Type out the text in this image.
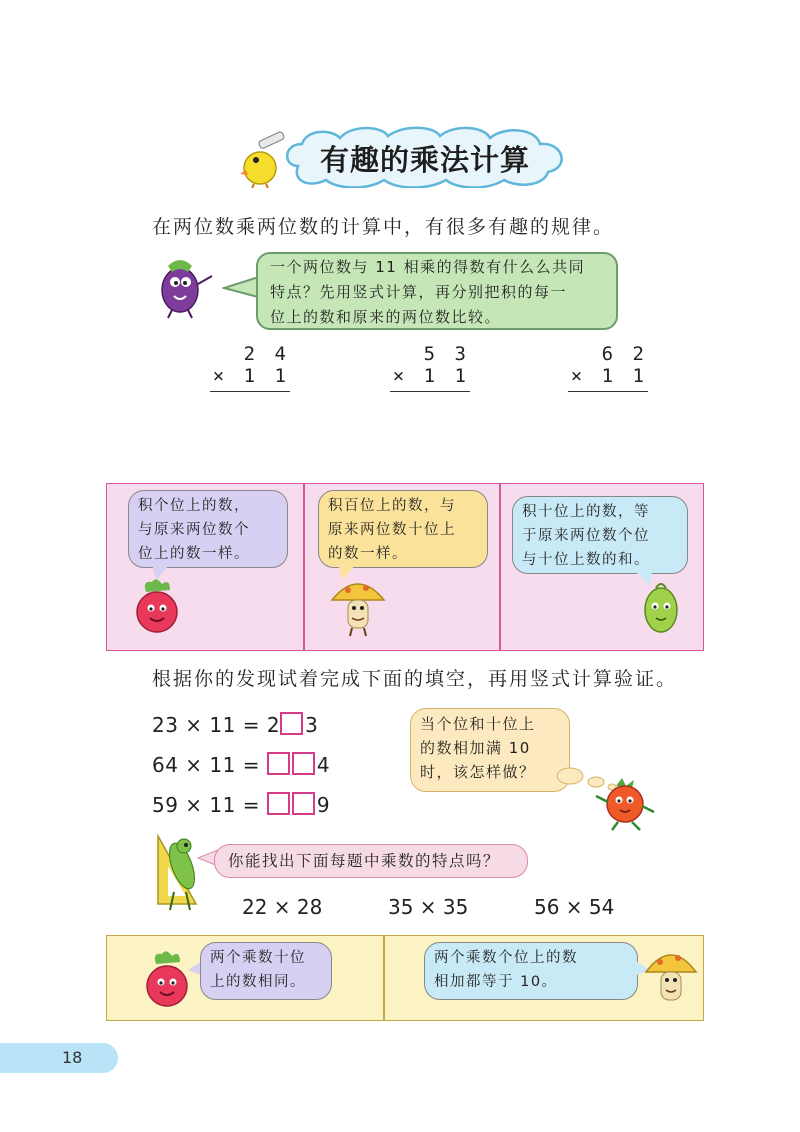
有趣的乘法计算
在两位数乘两位数的计算中，有很多有趣的规律。
一个两位数与 11 相乘的得数有什么么共同
特点？先用竖式计算，再分别把积的每一
位上的数和原来的两位数比较。
2 4
× 1 1
5 3
× 1 1
6 2
× 1 1
积个位上的数，
与原来两位数个
位上的数一样。
积百位上的数，与
原来两位数十位上
的数一样。
积十位上的数，等
于原来两位数个位
与十位上数的和。
根据你的发现试着完成下面的填空，再用竖式计算验证。
23 × 11 = 2 3
64 × 11 =	4
59 × 11 =	9
当个位和十位上
的数相加满 10
时，该怎样做？
你能找出下面每题中乘数的特点吗？
22 × 28	35 × 35	56 × 54
两个乘数十位
上的数相同。
两个乘数个位上的数
相加都等于 10。
18
